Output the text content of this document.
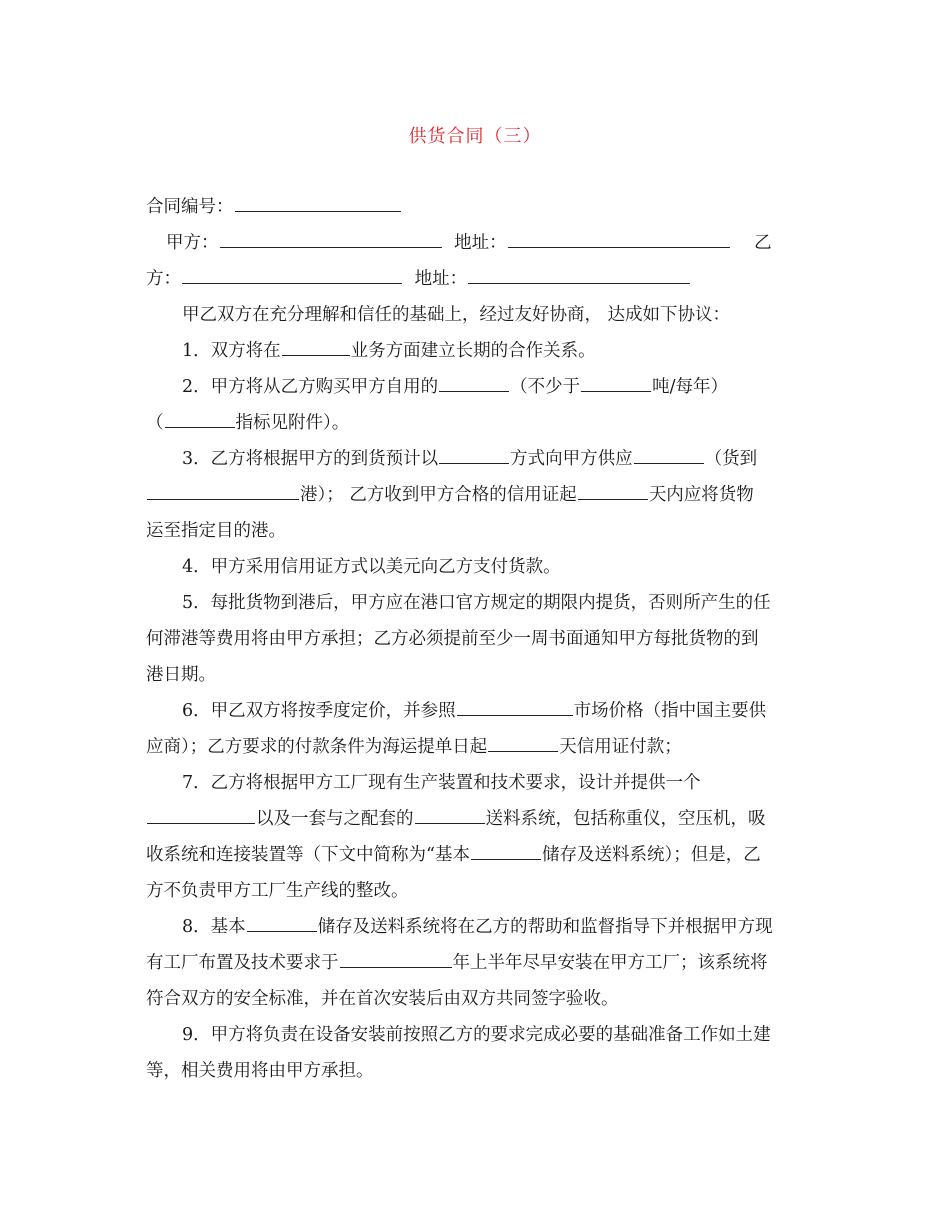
供货合同（三）
合同编号：
甲方：	地址：	乙
方：	地址：
甲乙双方在充分理解和信任的基础上，经过友好协商， 达成如下协议：
1．双方将在	业务方面建立长期的合作关系。
2．甲方将从乙方购买甲方自用的	（不少于	吨/每年）
（	指标见附件）。
3．乙方将根据甲方的到货预计以	方式向甲方供应	（货到
港）； 乙方收到甲方合格的信用证起	天内应将货物
运至指定目的港。
4．甲方采用信用证方式以美元向乙方支付货款。
5．每批货物到港后，甲方应在港口官方规定的期限内提货，否则所产生的任
何滞港等费用将由甲方承担；乙方必须提前至少一周书面通知甲方每批货物的到
港日期。
6．甲乙双方将按季度定价，并参照	市场价格（指中国主要供
应商）；乙方要求的付款条件为海运提单日起	天信用证付款；
7．乙方将根据甲方工厂现有生产装置和技术要求，设计并提供一个
以及一套与之配套的	送料系统，包括称重仪，空压机，吸
收系统和连接装置等（下文中简称为“基本	储存及送料系统）；但是，乙
方不负责甲方工厂生产线的整改。
8．基本	储存及送料系统将在乙方的帮助和监督指导下并根据甲方现
有工厂布置及技术要求于	年上半年尽早安装在甲方工厂；该系统将
符合双方的安全标准，并在首次安装后由双方共同签字验收。
9．甲方将负责在设备安装前按照乙方的要求完成必要的基础准备工作如土建
等，相关费用将由甲方承担。
